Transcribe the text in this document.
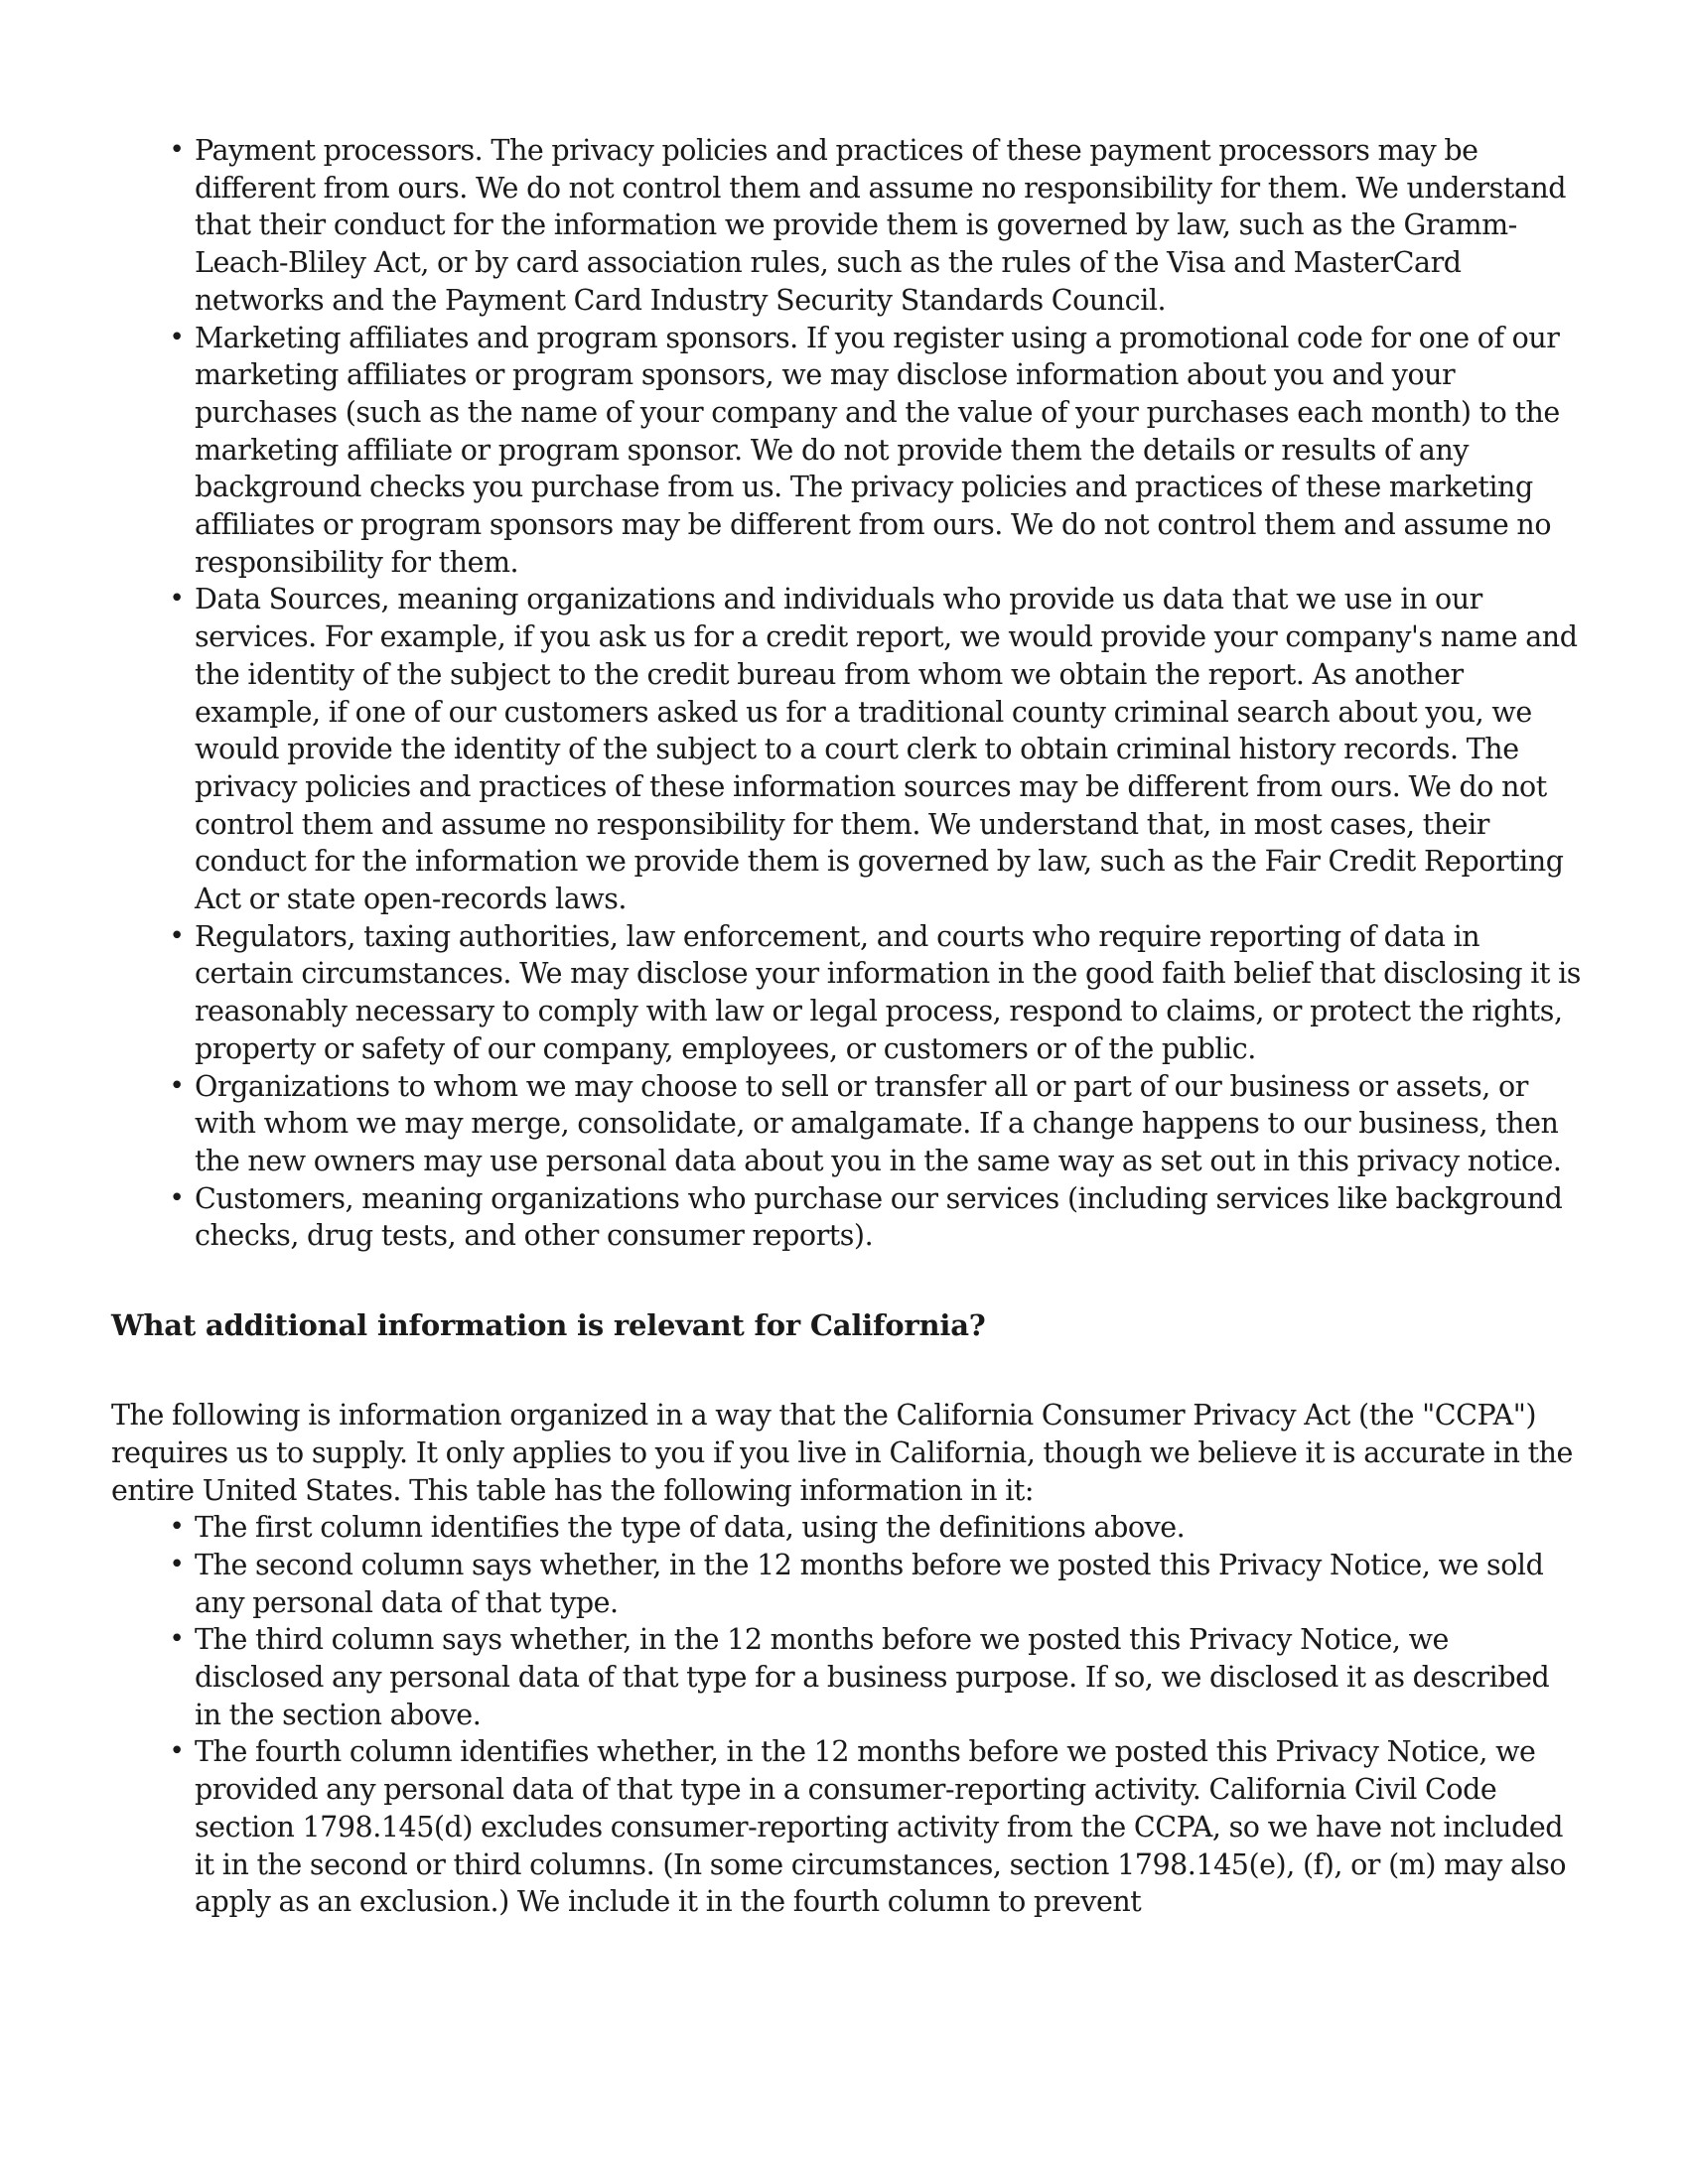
• Payment processors. The privacy policies and practices of these payment processors may be different from ours. We do not control them and assume no responsibility for them. We understand that their conduct for the information we provide them is governed by law, such as the Gramm-Leach-Bliley Act, or by card association rules, such as the rules of the Visa and MasterCard networks and the Payment Card Industry Security Standards Council.
• Marketing affiliates and program sponsors. If you register using a promotional code for one of our marketing affiliates or program sponsors, we may disclose information about you and your purchases (such as the name of your company and the value of your purchases each month) to the marketing affiliate or program sponsor. We do not provide them the details or results of any background checks you purchase from us. The privacy policies and practices of these marketing affiliates or program sponsors may be different from ours. We do not control them and assume no responsibility for them.
• Data Sources, meaning organizations and individuals who provide us data that we use in our services. For example, if you ask us for a credit report, we would provide your company's name and the identity of the subject to the credit bureau from whom we obtain the report. As another example, if one of our customers asked us for a traditional county criminal search about you, we would provide the identity of the subject to a court clerk to obtain criminal history records. The privacy policies and practices of these information sources may be different from ours. We do not control them and assume no responsibility for them. We understand that, in most cases, their conduct for the information we provide them is governed by law, such as the Fair Credit Reporting Act or state open-records laws.
• Regulators, taxing authorities, law enforcement, and courts who require reporting of data in certain circumstances. We may disclose your information in the good faith belief that disclosing it is reasonably necessary to comply with law or legal process, respond to claims, or protect the rights, property or safety of our company, employees, or customers or of the public.
• Organizations to whom we may choose to sell or transfer all or part of our business or assets, or with whom we may merge, consolidate, or amalgamate. If a change happens to our business, then the new owners may use personal data about you in the same way as set out in this privacy notice.
• Customers, meaning organizations who purchase our services (including services like background checks, drug tests, and other consumer reports).
What additional information is relevant for California?

The following is information organized in a way that the California Consumer Privacy Act (the "CCPA") requires us to supply. It only applies to you if you live in California, though we believe it is accurate in the entire United States. This table has the following information in it:

• The first column identifies the type of data, using the definitions above.
• The second column says whether, in the 12 months before we posted this Privacy Notice, we sold any personal data of that type.
• The third column says whether, in the 12 months before we posted this Privacy Notice, we disclosed any personal data of that type for a business purpose. If so, we disclosed it as described in the section above.
• The fourth column identifies whether, in the 12 months before we posted this Privacy Notice, we provided any personal data of that type in a consumer-reporting activity. California Civil Code section 1798.145(d) excludes consumer-reporting activity from the CCPA, so we have not included it in the second or third columns. (In some circumstances, section 1798.145(e), (f), or (m) may also apply as an exclusion.) We include it in the fourth column to prevent
